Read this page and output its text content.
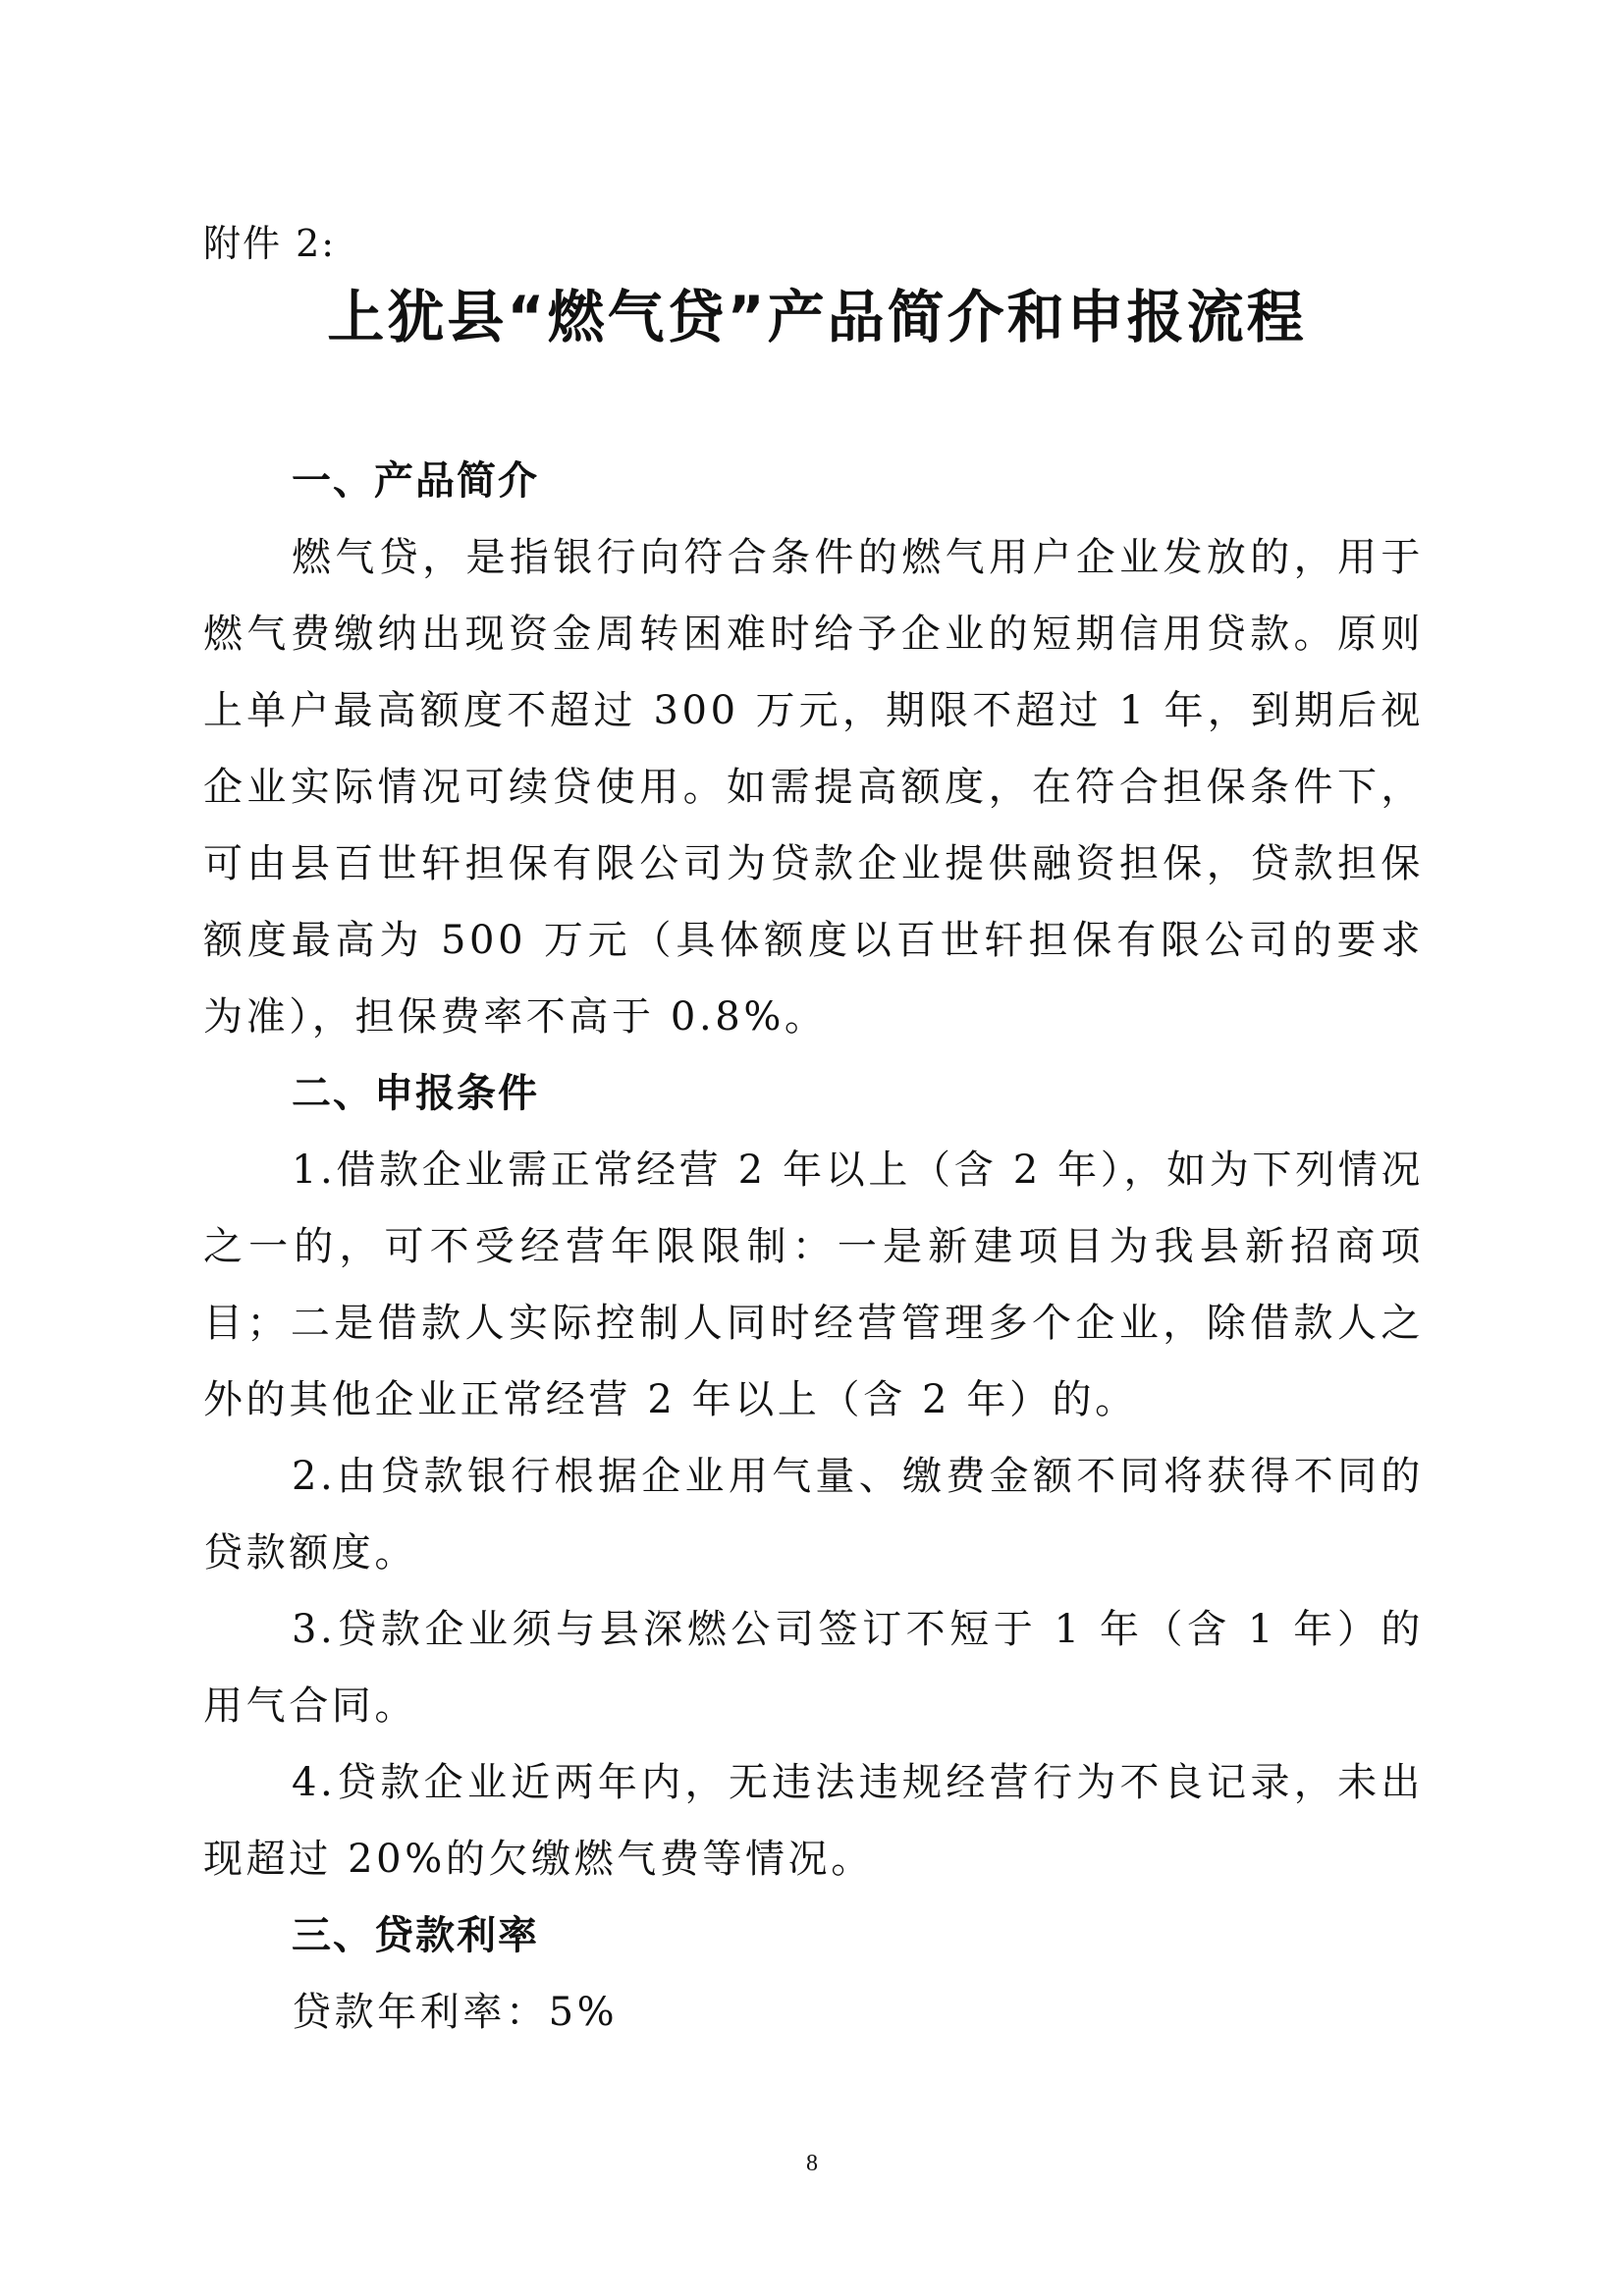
附件 2:
上犹县“燃气贷”产品简介和申报流程
一、产品简介

燃气贷，是指银行向符合条件的燃气用户企业发放的，用于燃气费缴纳出现资金周转困难时给予企业的短期信用贷款。原则上单户最高额度不超过 300 万元，期限不超过 1 年，到期后视企业实际情况可续贷使用。如需提高额度，在符合担保条件下，可由县百世轩担保有限公司为贷款企业提供融资担保，贷款担保额度最高为 500 万元（具体额度以百世轩担保有限公司的要求为准），担保费率不高于 0.8%。

二、申报条件

1.借款企业需正常经营 2 年以上（含 2 年），如为下列情况之一的，可不受经营年限限制：一是新建项目为我县新招商项目；二是借款人实际控制人同时经营管理多个企业，除借款人之外的其他企业正常经营 2 年以上（含 2 年）的。

2.由贷款银行根据企业用气量、缴费金额不同将获得不同的贷款额度。

3.贷款企业须与县深燃公司签订不短于 1 年（含 1 年）的用气合同。

4.贷款企业近两年内，无违法违规经营行为不良记录，未出现超过 20%的欠缴燃气费等情况。

三、贷款利率

贷款年利率：5%

8
